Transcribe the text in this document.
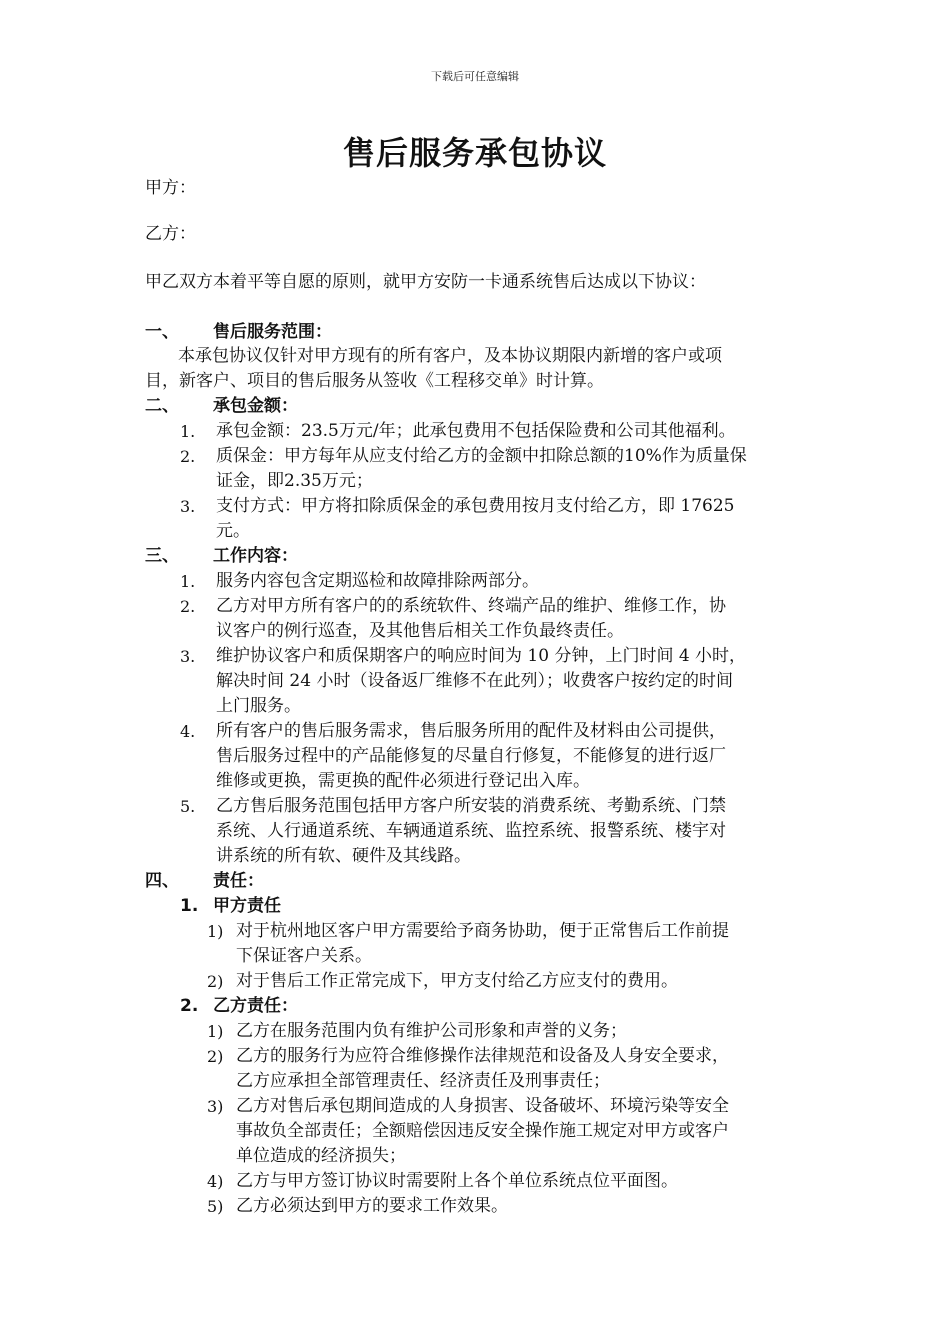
下载后可任意编辑
售后服务承包协议
甲方：
乙方：
甲乙双方本着平等自愿的原则，就甲方安防一卡通系统售后达成以下协议：
一、 售后服务范围：
本承包协议仅针对甲方现有的所有客户，及本协议期限内新增的客户或项
目，新客户、项目的售后服务从签收《工程移交单》时计算。
二、 承包金额：
1. 承包金额：23.5万元/年；此承包费用不包括保险费和公司其他福利。
2. 质保金：甲方每年从应支付给乙方的金额中扣除总额的10%作为质量保
证金，即2.35万元；
3. 支付方式：甲方将扣除质保金的承包费用按月支付给乙方，即 17625
元。
三、 工作内容：
1. 服务内容包含定期巡检和故障排除两部分。
2. 乙方对甲方所有客户的的系统软件、终端产品的维护、维修工作，协
议客户的例行巡查，及其他售后相关工作负最终责任。
3. 维护协议客户和质保期客户的响应时间为 10 分钟，上门时间 4 小时，
解决时间 24 小时（设备返厂维修不在此列）；收费客户按约定的时间
上门服务。
4. 所有客户的售后服务需求，售后服务所用的配件及材料由公司提供，
售后服务过程中的产品能修复的尽量自行修复，不能修复的进行返厂
维修或更换，需更换的配件必须进行登记出入库。
5. 乙方售后服务范围包括甲方客户所安装的消费系统、考勤系统、门禁
系统、人行通道系统、车辆通道系统、监控系统、报警系统、楼宇对
讲系统的所有软、硬件及其线路。
四、 责任：
1. 甲方责任
1) 对于杭州地区客户甲方需要给予商务协助，便于正常售后工作前提
下保证客户关系。
2) 对于售后工作正常完成下，甲方支付给乙方应支付的费用。
2. 乙方责任：
1) 乙方在服务范围内负有维护公司形象和声誉的义务；
2) 乙方的服务行为应符合维修操作法律规范和设备及人身安全要求，
乙方应承担全部管理责任、经济责任及刑事责任；
3) 乙方对售后承包期间造成的人身损害、设备破坏、环境污染等安全
事故负全部责任；全额赔偿因违反安全操作施工规定对甲方或客户
单位造成的经济损失；
4) 乙方与甲方签订协议时需要附上各个单位系统点位平面图。
5) 乙方必须达到甲方的要求工作效果。
